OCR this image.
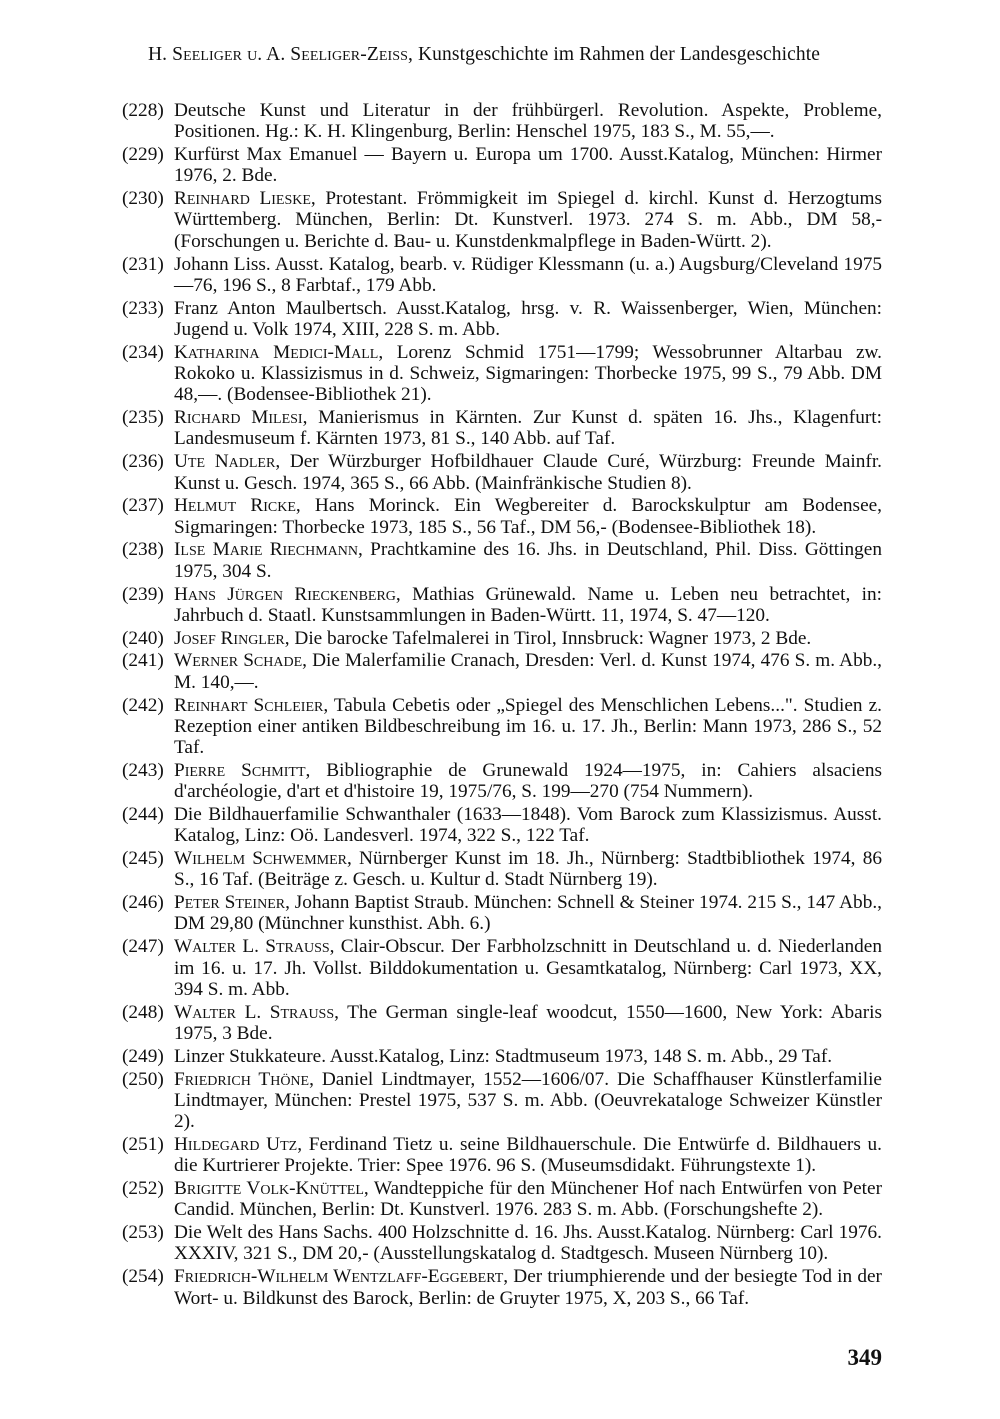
H. Seeliger u. A. Seeliger-Zeiss, Kunstgeschichte im Rahmen der Landesgeschichte
(228) Deutsche Kunst und Literatur in der frühbürgerl. Revolution. Aspekte, Probleme, Positionen. Hg.: K. H. Klingenburg, Berlin: Henschel 1975, 183 S., M. 55,—.
(229) Kurfürst Max Emanuel — Bayern u. Europa um 1700. Ausst.Katalog, München: Hirmer 1976, 2. Bde.
(230) Reinhard Lieske, Protestant. Frömmigkeit im Spiegel d. kirchl. Kunst d. Herzogtums Württemberg. München, Berlin: Dt. Kunstverl. 1973. 274 S. m. Abb., DM 58,- (Forschungen u. Berichte d. Bau- u. Kunstdenkmalpflege in Baden-Württ. 2).
(231) Johann Liss. Ausst. Katalog, bearb. v. Rüdiger Klessmann (u. a.) Augsburg/Cleveland 1975—76, 196 S., 8 Farbtaf., 179 Abb.
(233) Franz Anton Maulbertsch. Ausst.Katalog, hrsg. v. R. Waissenberger, Wien, München: Jugend u. Volk 1974, XIII, 228 S. m. Abb.
(234) Katharina Medici-Mall, Lorenz Schmid 1751—1799; Wessobrunner Altarbau zw. Rokoko u. Klassizismus in d. Schweiz, Sigmaringen: Thorbecke 1975, 99 S., 79 Abb. DM 48,—. (Bodensee-Bibliothek 21).
(235) Richard Milesi, Manierismus in Kärnten. Zur Kunst d. späten 16. Jhs., Klagenfurt: Landesmuseum f. Kärnten 1973, 81 S., 140 Abb. auf Taf.
(236) Ute Nadler, Der Würzburger Hofbildhauer Claude Curé, Würzburg: Freunde Mainfr. Kunst u. Gesch. 1974, 365 S., 66 Abb. (Mainfränkische Studien 8).
(237) Helmut Ricke, Hans Morinck. Ein Wegbereiter d. Barockskulptur am Bodensee, Sigmaringen: Thorbecke 1973, 185 S., 56 Taf., DM 56,- (Bodensee-Bibliothek 18).
(238) Ilse Marie Riechmann, Prachtkamine des 16. Jhs. in Deutschland, Phil. Diss. Göttingen 1975, 304 S.
(239) Hans Jürgen Rieckenberg, Mathias Grünewald. Name u. Leben neu betrachtet, in: Jahrbuch d. Staatl. Kunstsammlungen in Baden-Württ. 11, 1974, S. 47—120.
(240) Josef Ringler, Die barocke Tafelmalerei in Tirol, Innsbruck: Wagner 1973, 2 Bde.
(241) Werner Schade, Die Malerfamilie Cranach, Dresden: Verl. d. Kunst 1974, 476 S. m. Abb., M. 140,—.
(242) Reinhart Schleier, Tabula Cebetis oder „Spiegel des Menschlichen Lebens...". Studien z. Rezeption einer antiken Bildbeschreibung im 16. u. 17. Jh., Berlin: Mann 1973, 286 S., 52 Taf.
(243) Pierre Schmitt, Bibliographie de Grunewald 1924—1975, in: Cahiers alsaciens d'archéologie, d'art et d'histoire 19, 1975/76, S. 199—270 (754 Nummern).
(244) Die Bildhauerfamilie Schwanthaler (1633—1848). Vom Barock zum Klassizismus. Ausst. Katalog, Linz: Oö. Landesverl. 1974, 322 S., 122 Taf.
(245) Wilhelm Schwemmer, Nürnberger Kunst im 18. Jh., Nürnberg: Stadtbibliothek 1974, 86 S., 16 Taf. (Beiträge z. Gesch. u. Kultur d. Stadt Nürnberg 19).
(246) Peter Steiner, Johann Baptist Straub. München: Schnell & Steiner 1974. 215 S., 147 Abb., DM 29,80 (Münchner kunsthist. Abh. 6.)
(247) Walter L. Strauss, Clair-Obscur. Der Farbholzschnitt in Deutschland u. d. Niederlanden im 16. u. 17. Jh. Vollst. Bilddokumentation u. Gesamtkatalog, Nürnberg: Carl 1973, XX, 394 S. m. Abb.
(248) Walter L. Strauss, The German single-leaf woodcut, 1550—1600, New York: Abaris 1975, 3 Bde.
(249) Linzer Stukkateure. Ausst.Katalog, Linz: Stadtmuseum 1973, 148 S. m. Abb., 29 Taf.
(250) Friedrich Thöne, Daniel Lindtmayer, 1552—1606/07. Die Schaffhauser Künstlerfamilie Lindtmayer, München: Prestel 1975, 537 S. m. Abb. (Oeuvrekataloge Schweizer Künstler 2).
(251) Hildegard Utz, Ferdinand Tietz u. seine Bildhauerschule. Die Entwürfe d. Bildhauers u. die Kurtrierer Projekte. Trier: Spee 1976. 96 S. (Museumsdidakt. Führungstexte 1).
(252) Brigitte Volk-Knüttel, Wandteppiche für den Münchener Hof nach Entwürfen von Peter Candid. München, Berlin: Dt. Kunstverl. 1976. 283 S. m. Abb. (Forschungshefte 2).
(253) Die Welt des Hans Sachs. 400 Holzschnitte d. 16. Jhs. Ausst.Katalog. Nürnberg: Carl 1976. XXXIV, 321 S., DM 20,- (Ausstellungskatalog d. Stadtgesch. Museen Nürnberg 10).
(254) Friedrich-Wilhelm Wentzlaff-Eggebert, Der triumphierende und der besiegte Tod in der Wort- u. Bildkunst des Barock, Berlin: de Gruyter 1975, X, 203 S., 66 Taf.
349
